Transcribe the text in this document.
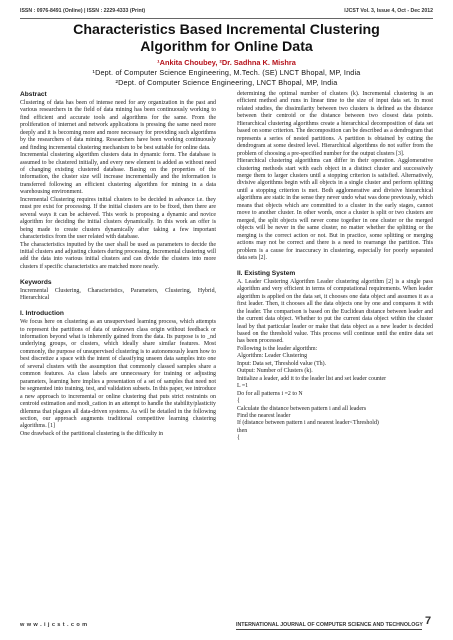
ISSN : 0976-8491 (Online) | ISSN : 2229-4333 (Print)	IJCST Vol. 3, Issue 4, Oct - Dec 2012
Characteristics Based Incremental Clustering
Algorithm for Online Data
¹Ankita Choubey, ²Dr. Sadhna K. Mishra
¹Dept. of Computer Science Engineering, M.Tech. (SE) LNCT Bhopal, MP, India
²Dept. of Computer Science Engineering, LNCT Bhopal, MP, India
Abstract

Clustering of data has been of intense need for any organization in the past and various researchers in the field of data mining has been continuously working to find efficient and accurate tools and algorithms for the same. From the proliferation of internet and network applications is pressing the same need more deeply and it is becoming more and more necessary for providing such algorithms by the researchers of data mining. Researchers have been working continuously and finding incremental clustering mechanism to be best suitable for online data.

Incremental clustering algorithm clusters data in dynamic form. The database is assumed to be clustered initially, and every new element is added as without need of changing existing clustered database. Basing on the properties of the information, the cluster size will increase incrementally and the information is transferred following an efficient clustering algorithm for mining in a data warehousing environment.

Incremental Clustering requires initial clusters to be decided in advance i.e. they must pre exist for processing. If the initial clusters are to be fixed, then there are several ways it can be achieved. This work is proposing a dynamic and novice algorithm for deciding the initial clusters dynamically. In this work an offer is being made to create clusters dynamically after taking a few important characteristics from the user related with database.

The characteristics inputted by the user shall be used as parameters to decide the initial clusters and adjusting clusters during processing. Incremental clustering will add the data into various initial clusters and can divide the clusters into more clusters if specific characteristics are matched more nearly.

Keywords

Incremental Clustering, Characteristics, Parameters, Clustering, Hybrid, Hierarchical

I. Introduction

We focus here on clustering as an unsupervised learning process, which attempts to represent the partitions of data of unknown class origin without feedback or information beyond what is inherently gained from the data. Its purpose is to _nd underlying groups, or clusters, which ideally share similar features. Most commonly, the purpose of unsupervised clustering is to autonomously learn how to best discretize a space with the intent of classifying unseen data samples into one of several clusters with the assumption that commonly classed samples share a common features. As class labels are unnecessary for training or adjusting parameters, learning here implies a presentation of a set of samples that need not be segmented into training, test, and validation subsets. In this paper, we introduce a new approach to incremental or online clustering that puts strict restraints on centroid estimation and modi_cation in an attempt to handle the stability/plasticity dilemma that plagues all data-driven systems. As will be detailed in the following section, our approach augments traditional competitive learning clustering algorithms. [1]

One drawback of the partitional clustering is the difficulty in

determining the optimal number of clusters (k). Incremental clustering is an efficient method and runs in linear time to the size of input data set. In most related studies, the dissimilarity between two clusters is defined as the distance between their centroid or the distance between two closest data points. Hierarchical clustering algorithms create a hierarchical decomposition of data set based on some criterion. The decomposition can be described as a dendrogram that represents a series of nested partitions. A partition is obtained by cutting the dendrogram at some desired level. Hierarchical algorithms do not suffer from the problem of choosing a pre-specified number for the output clusters [3].

Hierarchical clustering algorithms can differ in their operation. Agglomerative clustering methods start with each object in a distinct cluster and successively merge them to larger clusters until a stopping criterion is satisfied. Alternatively, divisive algorithms begin with all objects in a single cluster and perform splitting until a stopping criterion is met. Both agglomerative and divisive hierarchical algorithms are static in the sense they never undo what was done previously, which means that objects which are committed to a cluster in the early stages, cannot move to another cluster. In other words, once a cluster is split or two clusters are merged, the split objects will never come together in one cluster or the merged objects will be never in the same cluster, no matter whether the splitting or the merging is the correct action or not. But in practice, some splitting or merging actions may not be correct and there is a need to rearrange the partition. This problem is a cause for inaccuracy in clustering, especially for poorly separated data sets [2].

II. Existing System

A. Leader Clustering Algorithm Leader clustering algorithm [2] is a single pass algorithm and very efficient in terms of computational requirements. When leader algorithm is applied on the data set, it chooses one data object and assumes it as a first leader. Then, it chooses all the data objects one by one and compares it with the leader. The comparison is based on the Euclidean distance between leader and the current data object. Whether to put the current data object within the cluster lead by that particular leader or make that data object as a new leader is decided based on the threshold value. This process will continue until the entire data set has been processed.

Following is the leader algorithm:
Algorithm: Leader Clustering
Input: Data set, Threshold value (Th).
Output: Number of Clusters (k).
Initialize a leader, add it to the leader list and set leader counter
L =1
Do for all patterns i =2 to N
{
Calculate the distance between pattern i and all leaders
Find the nearest leader
If (distance between pattern i and nearest leader<Threshold)
then
{
w w w . i j c s t . c o m	INTERNATIONAL JOURNAL OF COMPUTER SCIENCE AND TECHNOLOGY 7
